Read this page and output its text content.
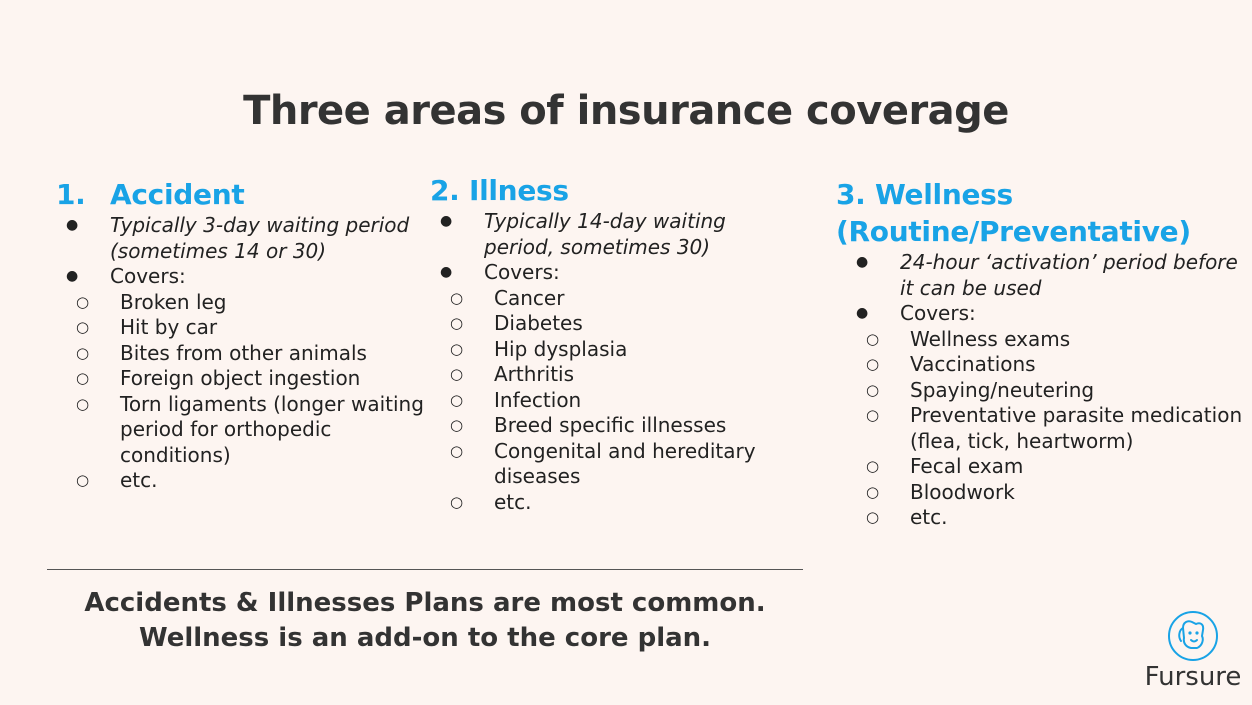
Three areas of insurance coverage
1. Accident
● Typically 3-day waiting period (sometimes 14 or 30)
● Covers:
○ Broken leg
○ Hit by car
○ Bites from other animals
○ Foreign object ingestion
○ Torn ligaments (longer waiting period for orthopedic conditions)
○ etc.
2. Illness
● Typically 14-day waiting period, sometimes 30)
● Covers:
○ Cancer
○ Diabetes
○ Hip dysplasia
○ Arthritis
○ Infection
○ Breed specific illnesses
○ Congenital and hereditary diseases
○ etc.
3. Wellness (Routine/Preventative)
● 24-hour ‘activation’ period before it can be used
● Covers:
○ Wellness exams
○ Vaccinations
○ Spaying/neutering
○ Preventative parasite medication (flea, tick, heartworm)
○ Fecal exam
○ Bloodwork
○ etc.
Accidents & Illnesses Plans are most common.
Wellness is an add-on to the core plan.
Fursure
